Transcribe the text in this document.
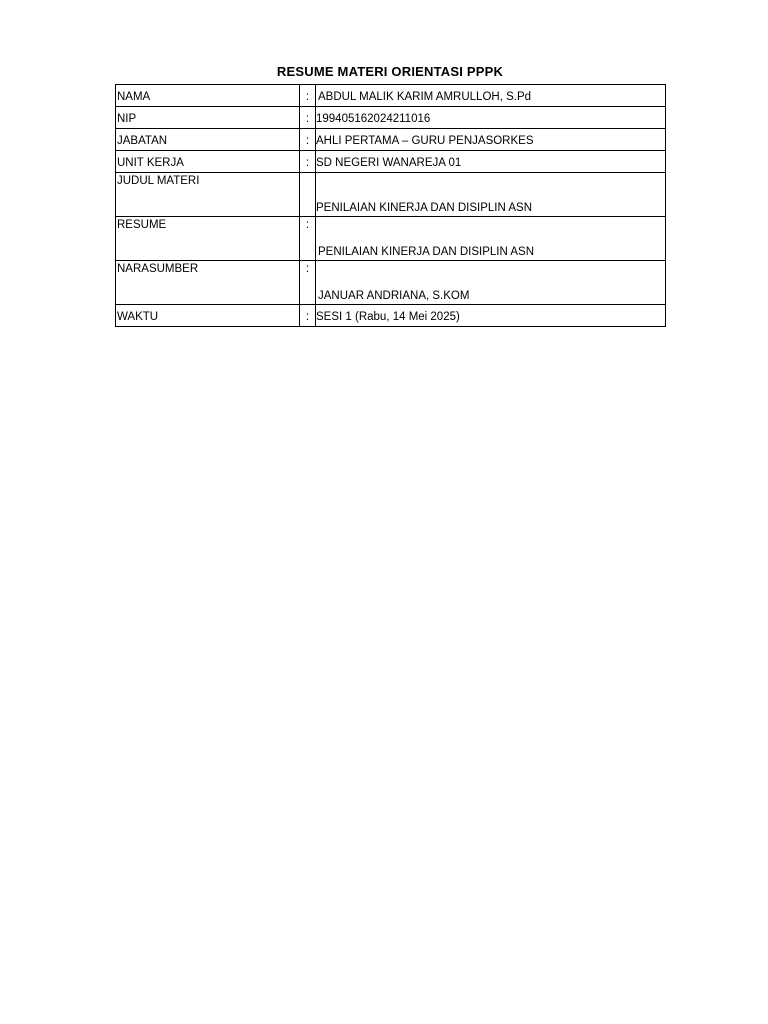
RESUME MATERI ORIENTASI PPPK
NAMA	:	ABDUL MALIK KARIM AMRULLOH, S.Pd
NIP	:	199405162024211016
JABATAN	:	AHLI PERTAMA – GURU PENJASORKES
UNIT KERJA	:	SD NEGERI WANAREJA 01
JUDUL MATERI		PENILAIAN KINERJA DAN DISIPLIN ASN
RESUME	:	PENILAIAN KINERJA DAN DISIPLIN ASN
NARASUMBER	:	JANUAR ANDRIANA, S.KOM
WAKTU	:	SESI 1 (Rabu, 14 Mei 2025)
